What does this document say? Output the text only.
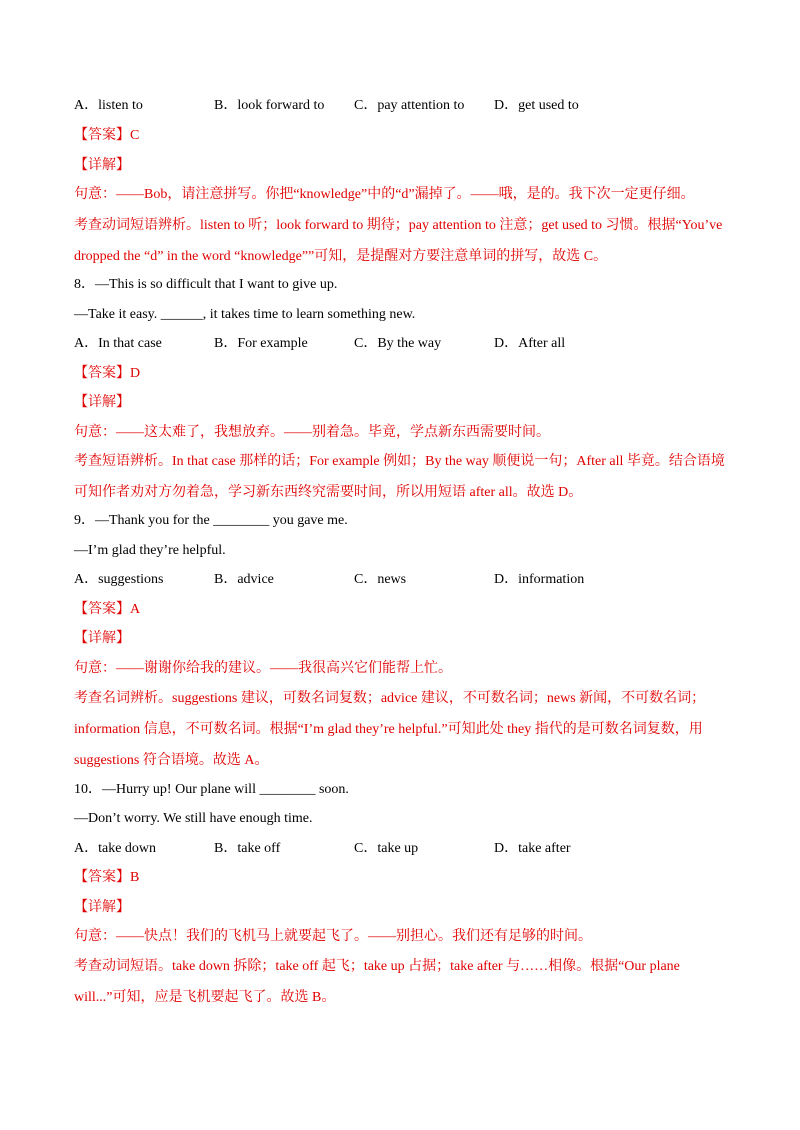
A．listen to	B．look forward to C．pay attention to D．get used to
【答案】C
【详解】
句意：——Bob，请注意拼写。你把“knowledge”中的“d”漏掉了。——哦，是的。我下次一定更仔细。
考查动词短语辨析。listen to 听；look forward to 期待；pay attention to 注意；get used to 习惯。根据“You’ve dropped the “d” in the word “knowledge””可知，是提醒对方要注意单词的拼写，故选 C。
8．—This is so difficult that I want to give up.
—Take it easy. ______, it takes time to learn something new.
A．In that case	B．For example	C．By the way	D．After all
【答案】D
【详解】
句意：——这太难了，我想放弃。——别着急。毕竟，学点新东西需要时间。
考查短语辨析。In that case 那样的话；For example 例如；By the way 顺便说一句；After all 毕竟。结合语境可知作者劝对方勿着急，学习新东西终究需要时间，所以用短语 after all。故选 D。
9．—Thank you for the ________ you gave me.
—I’m glad they’re helpful.
A．suggestions	B．advice	C．news	D．information
【答案】A
【详解】
句意：——谢谢你给我的建议。——我很高兴它们能帮上忙。
考查名词辨析。suggestions 建议，可数名词复数；advice 建议，不可数名词；news 新闻，不可数名词；information 信息，不可数名词。根据“I’m glad they’re helpful.”可知此处 they 指代的是可数名词复数，用 suggestions 符合语境。故选 A。
10．—Hurry up! Our plane will ________ soon.
—Don’t worry. We still have enough time.
A．take down	B．take off	C．take up	D．take after
【答案】B
【详解】
句意：——快点！我们的飞机马上就要起飞了。——别担心。我们还有足够的时间。
考查动词短语。take down 拆除；take off 起飞；take up 占据；take after 与……相像。根据“Our plane will...”可知，应是飞机要起飞了。故选 B。
